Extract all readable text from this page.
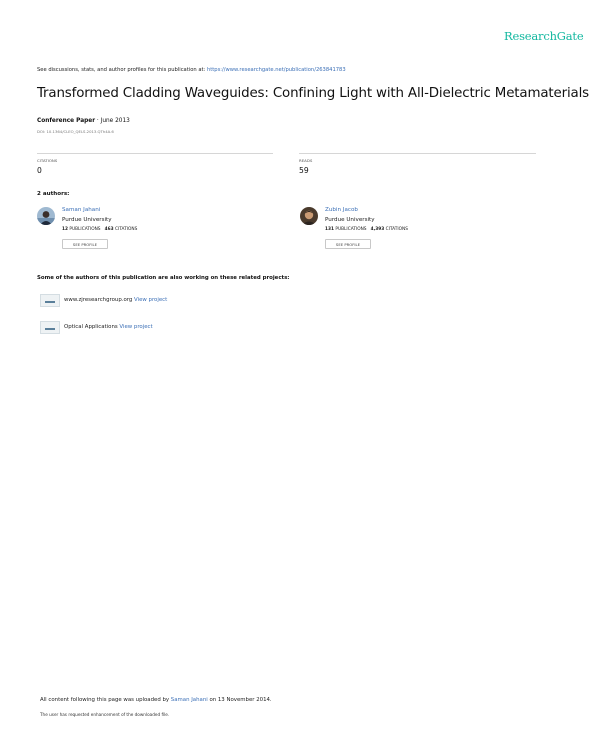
ResearchGate
See discussions, stats, and author profiles for this publication at: https://www.researchgate.net/publication/263841783
Transformed Cladding Waveguides: Confining Light with All-Dielectric Metamaterials
Conference Paper · June 2013
DOI: 10.1364/CLEO_QELS.2013.QTh4A.6
CITATIONS
0
READS
59
2 authors:
Saman Jahani
Purdue University
12 PUBLICATIONS 463 CITATIONS
SEE PROFILE
Zubin Jacob
Purdue University
131 PUBLICATIONS 4,393 CITATIONS
SEE PROFILE
Some of the authors of this publication are also working on these related projects:
www.zjresearchgroup.org View project
Optical Applications View project
All content following this page was uploaded by Saman Jahani on 13 November 2014.
The user has requested enhancement of the downloaded file.
